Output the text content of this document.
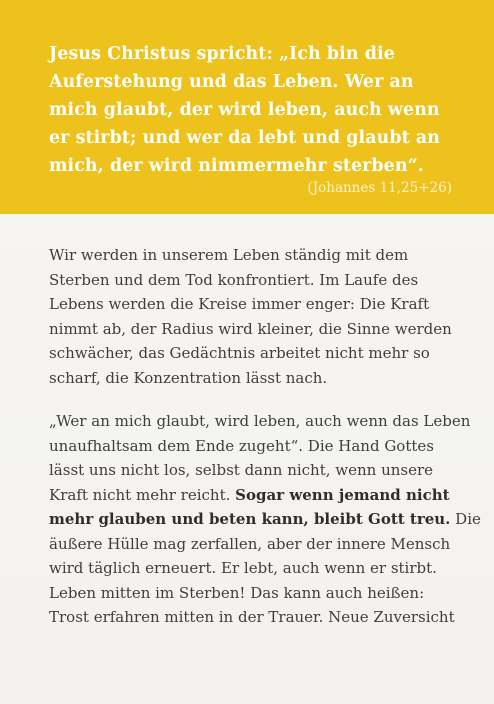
Jesus Christus spricht: „Ich bin die
Auferstehung und das Leben. Wer an
mich glaubt, der wird leben, auch wenn
er stirbt; und wer da lebt und glaubt an
mich, der wird nimmermehr sterben“.

(Johannes 11,25+26)

Wir werden in unserem Leben ständig mit dem
Sterben und dem Tod konfrontiert. Im Laufe des
Lebens werden die Kreise immer enger: Die Kraft
nimmt ab, der Radius wird kleiner, die Sinne werden
schwächer, das Gedächtnis arbeitet nicht mehr so
scharf, die Konzentration lässt nach.

„Wer an mich glaubt, wird leben, auch wenn das Leben
unaufhaltsam dem Ende zugeht“. Die Hand Gottes
lässt uns nicht los, selbst dann nicht, wenn unsere
Kraft nicht mehr reicht. Sogar wenn jemand nicht
mehr glauben und beten kann, bleibt Gott treu. Die
äußere Hülle mag zerfallen, aber der innere Mensch
wird täglich erneuert. Er lebt, auch wenn er stirbt.
Leben mitten im Sterben! Das kann auch heißen:
Trost erfahren mitten in der Trauer. Neue Zuversicht
